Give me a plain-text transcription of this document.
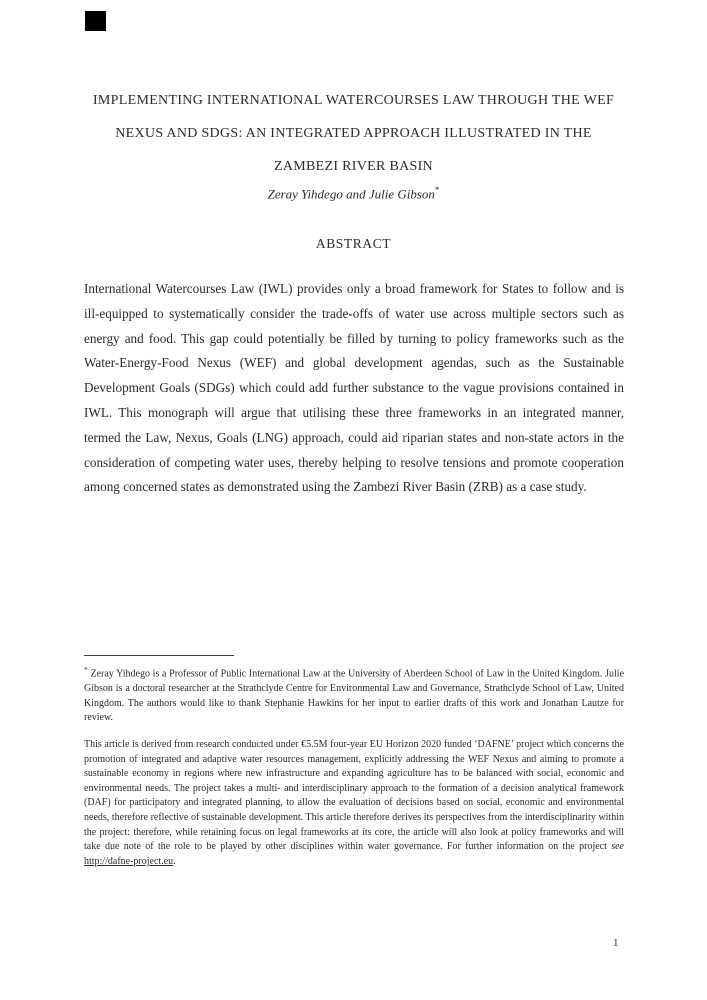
IMPLEMENTING INTERNATIONAL WATERCOURSES LAW THROUGH THE WEF
NEXUS AND SDGS: AN INTEGRATED APPROACH ILLUSTRATED IN THE
ZAMBEZI RIVER BASIN
Zeray Yihdego and Julie Gibson*
ABSTRACT

International Watercourses Law (IWL) provides only a broad framework for States to follow and is ill-equipped to systematically consider the trade-offs of water use across multiple sectors such as energy and food. This gap could potentially be filled by turning to policy frameworks such as the Water-Energy-Food Nexus (WEF) and global development agendas, such as the Sustainable Development Goals (SDGs) which could add further substance to the vague provisions contained in IWL. This monograph will argue that utilising these three frameworks in an integrated manner, termed the Law, Nexus, Goals (LNG) approach, could aid riparian states and non-state actors in the consideration of competing water uses, thereby helping to resolve tensions and promote cooperation among concerned states as demonstrated using the Zambezi River Basin (ZRB) as a case study.

* Zeray Yihdego is a Professor of Public International Law at the University of Aberdeen School of Law in the United Kingdom. Julie Gibson is a doctoral researcher at the Strathclyde Centre for Environmental Law and Governance, Strathclyde School of Law, United Kingdom. The authors would like to thank Stephanie Hawkins for her input to earlier drafts of this work and Jonathan Lautze for review.

This article is derived from research conducted under €5.5M four-year EU Horizon 2020 funded ‘DAFNE’ project which concerns the promotion of integrated and adaptive water resources management, explicitly addressing the WEF Nexus and aiming to promote a sustainable economy in regions where new infrastructure and expanding agriculture has to be balanced with social, economic and environmental needs. The project takes a multi- and interdisciplinary approach to the formation of a decision analytical framework (DAF) for participatory and integrated planning, to allow the evaluation of decisions based on social, economic and environmental needs, therefore reflective of sustainable development. This article therefore derives its perspectives from the interdisciplinarity within the project: therefore, while retaining focus on legal frameworks at its core, the article will also look at policy frameworks and will take due note of the role to be played by other disciplines within water governance. For further information on the project see http://dafne-project.eu.

1
